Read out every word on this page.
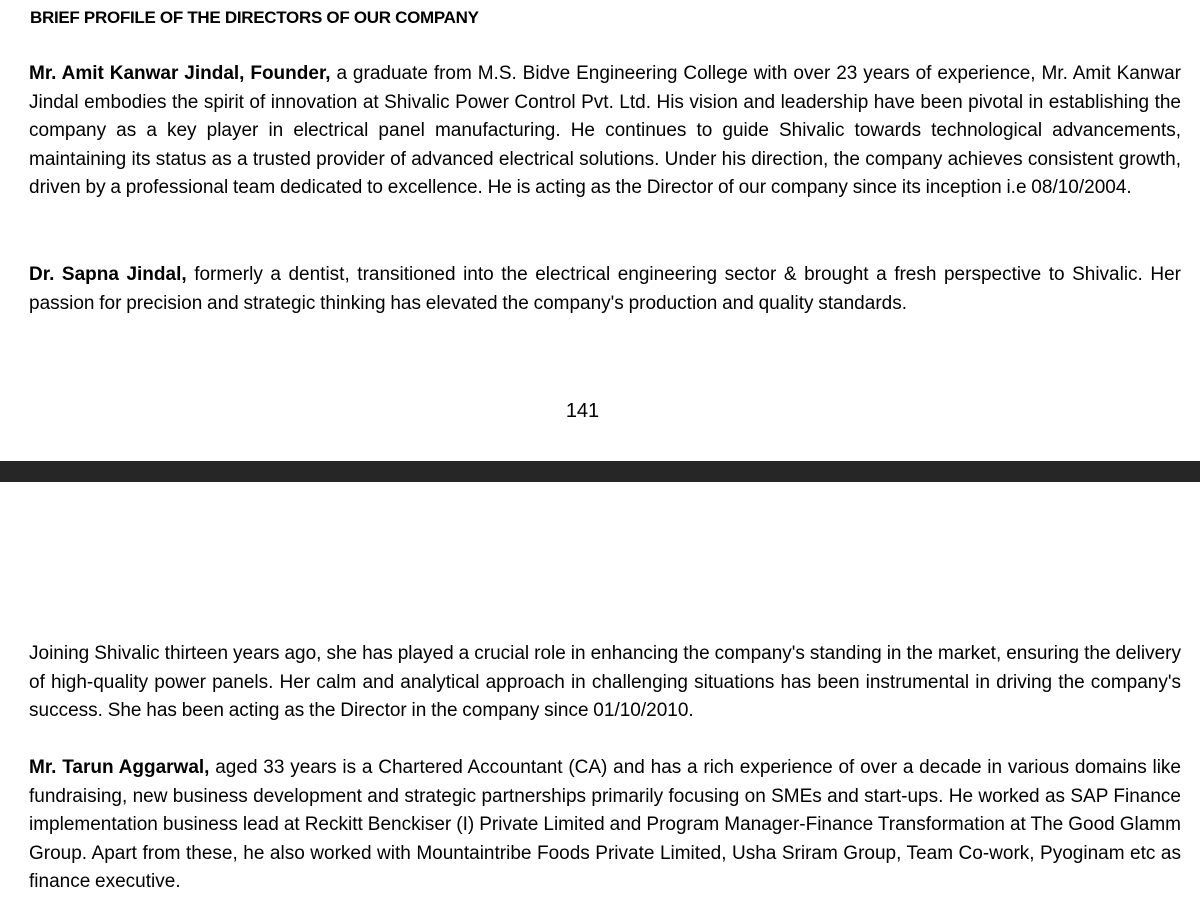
BRIEF PROFILE OF THE DIRECTORS OF OUR COMPANY

Mr. Amit Kanwar Jindal, Founder, a graduate from M.S. Bidve Engineering College with over 23 years of experience, Mr. Amit Kanwar Jindal embodies the spirit of innovation at Shivalic Power Control Pvt. Ltd. His vision and leadership have been pivotal in establishing the company as a key player in electrical panel manufacturing. He continues to guide Shivalic towards technological advancements, maintaining its status as a trusted provider of advanced electrical solutions. Under his direction, the company achieves consistent growth, driven by a professional team dedicated to excellence. He is acting as the Director of our company since its inception i.e 08/10/2004.

Dr. Sapna Jindal, formerly a dentist, transitioned into the electrical engineering sector & brought a fresh perspective to Shivalic. Her passion for precision and strategic thinking has elevated the company's production and quality standards.

141

Joining Shivalic thirteen years ago, she has played a crucial role in enhancing the company's standing in the market, ensuring the delivery of high-quality power panels. Her calm and analytical approach in challenging situations has been instrumental in driving the company's success. She has been acting as the Director in the company since 01/10/2010.

Mr. Tarun Aggarwal, aged 33 years is a Chartered Accountant (CA) and has a rich experience of over a decade in various domains like fundraising, new business development and strategic partnerships primarily focusing on SMEs and start-ups. He worked as SAP Finance implementation business lead at Reckitt Benckiser (I) Private Limited and Program Manager-Finance Transformation at The Good Glamm Group. Apart from these, he also worked with Mountaintribe Foods Private Limited, Usha Sriram Group, Team Co-work, Pyoginam etc as finance executive.
